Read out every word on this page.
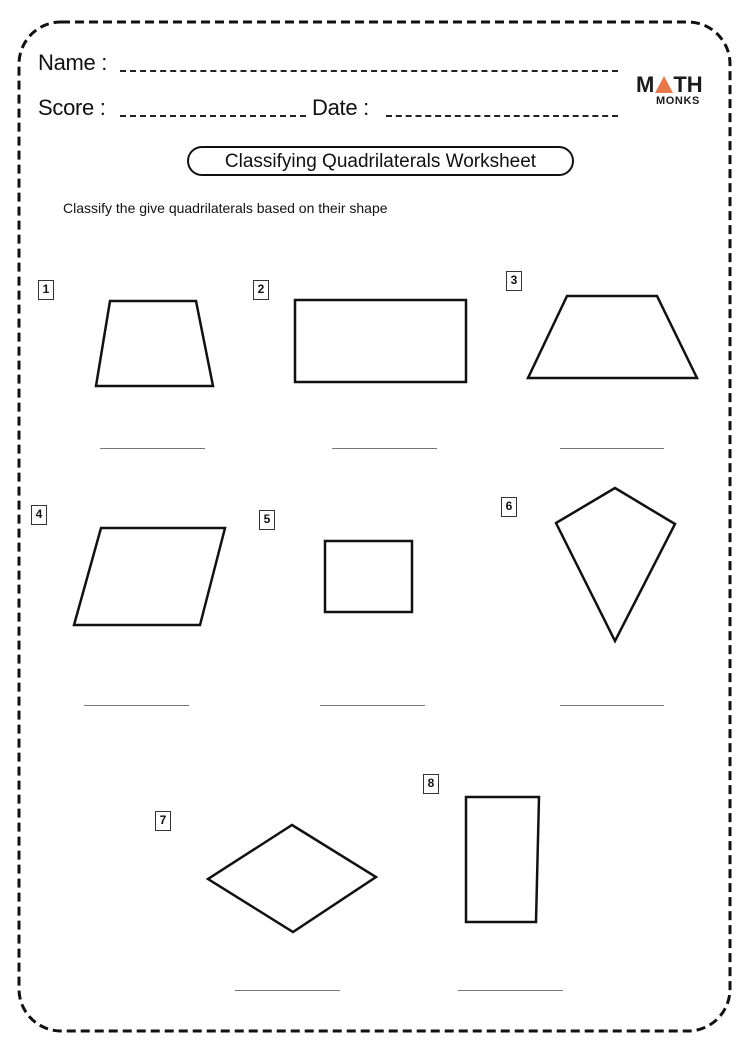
Name :
Score :	Date :
M TH
MONKS
Classifying Quadrilaterals Worksheet
Classify the give quadrilaterals based on their shape
1	2
3
4	5
6
7
8
